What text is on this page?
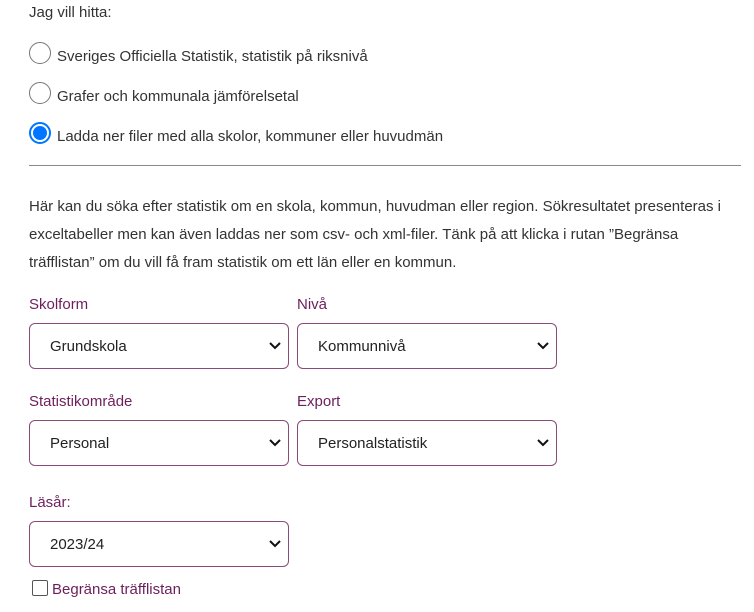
Jag vill hitta:
Sveriges Officiella Statistik, statistik på riksnivå
Grafer och kommunala jämförelsetal
Ladda ner filer med alla skolor, kommuner eller huvudmän
Här kan du söka efter statistik om en skola, kommun, huvudman eller region. Sökresultatet presenteras i exceltabeller men kan även laddas ner som csv- och xml-filer. Tänk på att klicka i rutan ”Begränsa träfflistan” om du vill få fram statistik om ett län eller en kommun.
Skolform
Grundskola
Nivå
Kommunnivå
Statistikområde
Personal
Export
Personalstatistik
Läsår:
2023/24
Begränsa träfflistan
